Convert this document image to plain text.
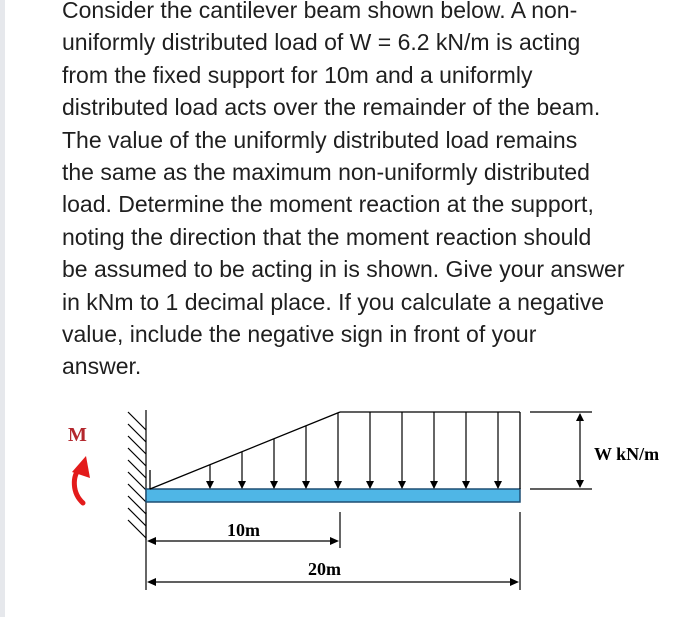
Consider the cantilever beam shown below. A non-
uniformly distributed load of W = 6.2 kN/m is acting
from the fixed support for 10m and a uniformly
distributed load acts over the remainder of the beam.
The value of the uniformly distributed load remains
the same as the maximum non-uniformly distributed
load. Determine the moment reaction at the support,
noting the direction that the moment reaction should
be assumed to be acting in is shown. Give your answer
in kNm to 1 decimal place. If you calculate a negative
value, include the negative sign in front of your
answer.
W kN/m
M
10m
20m
